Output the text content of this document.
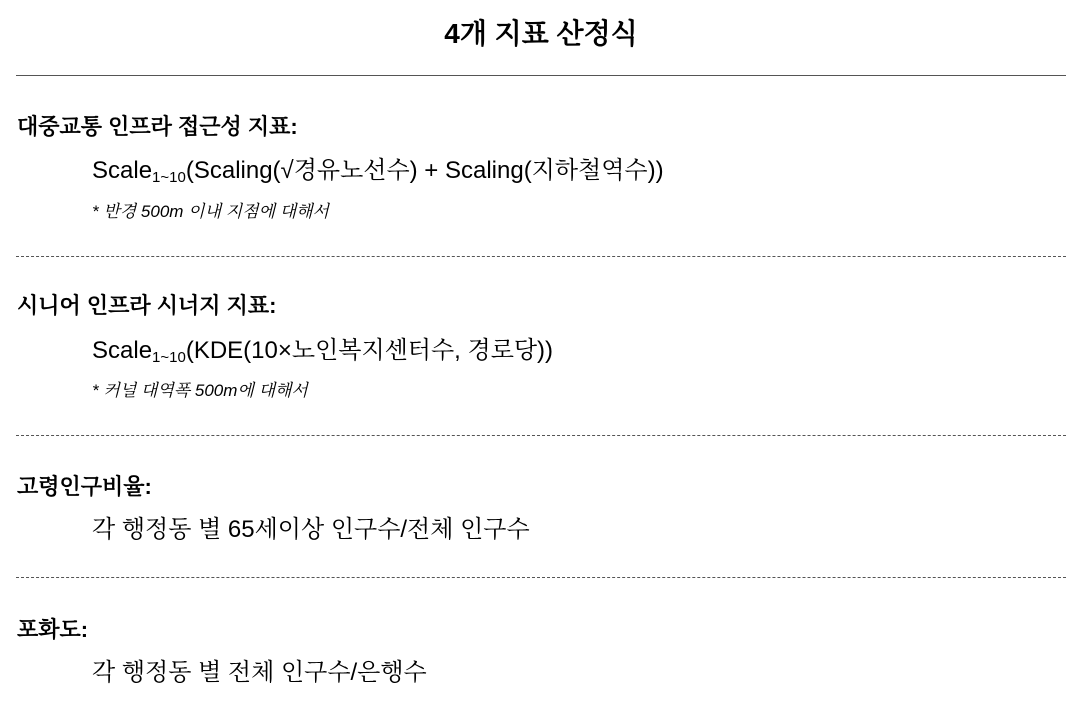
4개 지표 산정식
대중교통 인프라 접근성 지표:
Scale$_{1\sim 10}$(Scaling(√경유노선수) + Scaling(지하철역수))
* 반경 500m 이내 지점에 대해서
시니어 인프라 시너지 지표:
Scale$_{1\sim 10}$(KDE(10×노인복지센터수, 경로당))
* 커널 대역폭 500m에 대해서
고령인구비율:
각 행정동 별 65세이상 인구수/전체 인구수
포화도:
각 행정동 별 전체 인구수/은행수
